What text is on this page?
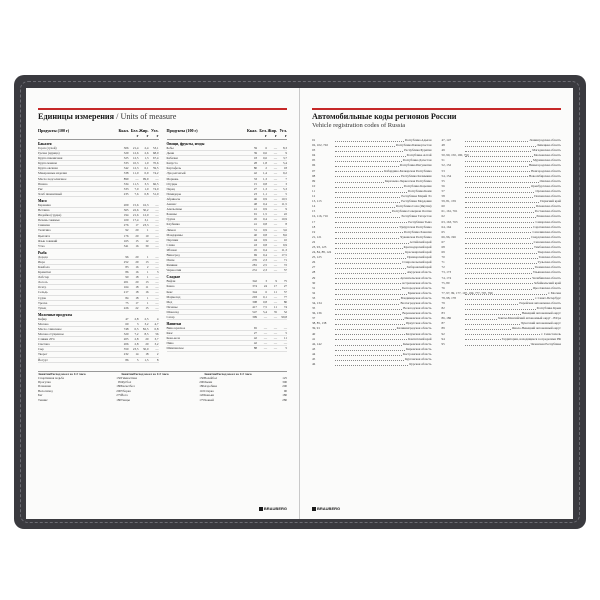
Единицы измерения / Units of measure
Продукты (100 г)	Ккал. Бел. г
Жир. г
Угл. г
Бакалея
Горох (сухой)	306	21,4	2,4	53,1
Гречка (ядрица)	329	12,6	2,6	68,0
Крупа пшеничная	325	12,5	1,3	67,4
Крупа манная	333	10,3	1,0	70,6
Крупа овсяная	342	12,3	6,1	59,5
Макаронные изделия	338	11,0	0,9	74,2
Масло подсолнечное	899	—	99,9	—
Пшено	334	11,5	3,3	66,5
Рис	333	7,0	1,0	74,0
Хлеб пшеничный	235	7,6	0,8	51,0
Мясо
Баранина	209	15,6	16,3	—
Ветчина	365	22,6	30,2	—
Индейка (грудка)	194	21,6	12,0	—
Печень говяжья	100	17,4	3,1	—
Свинина	276	17	23,3	—
Телятина	92	20	1	—
Цыплята	176	20	10	—
Язык говяжий	165	15	12	—
Утка	341	16	30	—
Рыба
Дорада	96	20	1	—
Икра	252	29	13	—
Камбала	83	16	2	—
Креветки	86	16	1	3
Лобстер	90	18	1	—
Лосось	201	20	13	—
Осетр	164	18	11	—
Сельдь	217	18	16	—
Судак	84	18	1	—
Треска	75	17	1	—
Тунец	226	22	15	—
Молочные продукты
Кефир	47	2,8	2,5	4
Молоко	60	3	3,2	4,7
Масло сливочное	748	0,5	82,5	0,8
Молоко сгущенное	320	7,2	8,5	56
Сливки 20%	205	2,8	20	3,7
Сметана	206	2,8	20	3,2
Сыр	350	23,5	30,0	—
Творог	232	14	18	2
Йогурт	86	5	1,5	8
Продукты (100 г)	Ккал. Бел. г
Жир. г
Угл. г
Овощи, фрукты, ягоды
Бобы	59	6	—	8,3
Дыня	39	0,6	—	9
Кабачки	18	0,6	—	3,7
Капуста	28	1,8	—	5,4
Картофель	80	2	—	18
Лук репчатый	42	1,4	—	9,2
Морковь	33	1,3	—	7
Огурцы	15	0,8	—	3
Перец	27	1,3	—	5,3
Помидоры	23	1,1	—	5
Абрикосы	46	0,9	—	10,5
Ананас	48	0,4	—	11,5
Апельсины	41	0,9	—	9
Бананы	91	1,5	—	22
Груша	45	0,4	—	10,9
Клубника	41	0,8	—	8
Лимон	31	0,9	—	3,6
Мандарины	40	0,8	—	8,6
Персики	44	0,9	—	10
Слива	43	0,8	—	9,9
Яблоки	45	0,4	—	11,3
Виноград	69	0,4	—	17,5
Изюм	276	2,3	—	71
Финики	281	2,5	—	72
Чернослив	231	2,3	—	57
Сладкое
Вафли	342	3	9	75
Какао	374	24	17	27
Кекс	344	6	11	57
Мармелад	293	0,1	—	77
Мед	308	0,8	—	80
Печенье	417	7,5	11	74
Шоколад	547	5,4	35	52
Сахар	399	—	—	99,8
Напитки
Вино красное	65	—	—	—
Квас	27	—	—	5
Кока-кола	42	—	—	11
Пиво	42	—	—	—
Шампанское	88	—	—	5
Занятие Расход ккал за 1/2 часа
Спортивная ходьба	150
Прогулка	95
Плавание	180
Велосипед	200
Бег	275
Теннис	180
Занятие Расход ккал за 1/2 часа
Гимнастика	150
Футбол	200
Баскетбол	180
Уборка	110
Йога	120
Танцы	175
Занятие Расход ккал за 1/2 часа
Волейбол	125
Лыжи	300
Аэробика	200
Стирка	90
Коньки	180
Хоккей	280
BRAUBERG
Автомобильные коды регионов России
Vehicle registration codes of Russia
01	Республика Адыгея
02, 102, 702	Республика Башкортостан
03	Республика Бурятия
04	Республика Алтай
05	Республика Дагестан
06	Республика Ингушетия
07	Кабардино-Балкарская Республика
08	Республика Калмыкия
09	Карачаево-Черкесская Республика
10	Республика Карелия
11	Республика Коми
12	Республика Марий Эл
13, 113	Республика Мордовия
14	Республика Саха (Якутия)
15	Республика Северная Осетия
16, 116, 716	Республика Татарстан
17	Республика Тыва
18	Удмуртская Республика
19	Республика Хакасия
21, 121	Чувашская Республика
22	Алтайский край
23, 93, 123	Краснодарский край
24, 84, 88, 124	Красноярский край
25, 125	Приморский край
26	Ставропольский край
27	Хабаровский край
28	Амурская область
29	Архангельская область
30	Астраханская область
31	Белгородская область
32	Брянская область
33	Владимирская область
34, 134	Волгоградская область
35	Вологодская область
36, 136	Воронежская область
37	Ивановская область
38, 85, 138	Иркутская область
39, 91	Калининградская область
40	Калужская область
41	Камчатский край
42, 142	Кемеровская область
43	Кировская область
44	Костромская область
45	Курганская область
46	Курская область
47, 147	Ленинградская область
48	Липецкая область
49	Магаданская область
50, 90, 150, 190, 750	Московская область
51	Мурманская область
52, 152	Нижегородская область
53	Новгородская область
54, 154	Новосибирская область
55	Омская область
56	Оренбургская область
57	Орловская область
58	Пензенская область
59, 81, 159	Пермский край
60	Псковская область
61, 161, 761	Ростовская область
62	Рязанская область
63, 163, 763	Самарская область
64, 164	Саратовская область
65	Сахалинская область
66, 96, 196	Свердловская область
67	Смоленская область
68	Тамбовская область
69	Тверская область
70	Томская область
71	Тульская область
72	Тюменская область
73, 173	Ульяновская область
74, 174	Челябинская область
75, 80	Забайкальский край
76	Ярославская область
77, 97, 99, 177, 197, 199, 777, 797, 799	г. Москва
78, 98, 178	г. Санкт-Петербург
79	Еврейская автономная область
82	Республика Крым
83	Ненецкий автономный округ
86, 186	Ханты-Мансийский автономный округ - Югра
87	Чукотский автономный округ
89	Ямало-Ненецкий автономный округ
92	г. Севастополь
94	Территории, находящиеся за пределами РФ
95	Чеченская Республика
BRAUBERG
